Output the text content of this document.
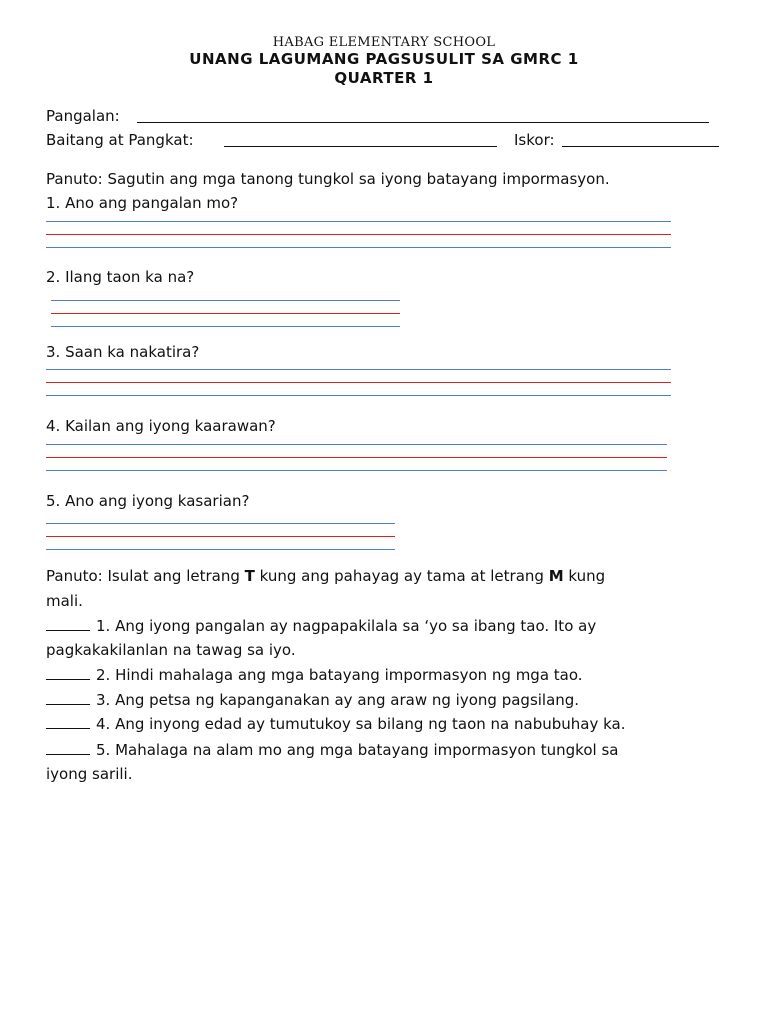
HABAG ELEMENTARY SCHOOL
UNANG LAGUMANG PAGSUSULIT SA GMRC 1
QUARTER 1
Pangalan:
Baitang at Pangkat:	Iskor:
Panuto: Sagutin ang mga tanong tungkol sa iyong batayang impormasyon.
1. Ano ang pangalan mo?
2. Ilang taon ka na?
3. Saan ka nakatira?
4. Kailan ang iyong kaarawan?
5. Ano ang iyong kasarian?
Panuto: Isulat ang letrang T kung ang pahayag ay tama at letrang M kung
mali.
1. Ang iyong pangalan ay nagpapakilala sa ‘yo sa ibang tao. Ito ay
pagkakakilanlan na tawag sa iyo.
2. Hindi mahalaga ang mga batayang impormasyon ng mga tao.
3. Ang petsa ng kapanganakan ay ang araw ng iyong pagsilang.
4. Ang inyong edad ay tumutukoy sa bilang ng taon na nabubuhay ka.
5. Mahalaga na alam mo ang mga batayang impormasyon tungkol sa
iyong sarili.
